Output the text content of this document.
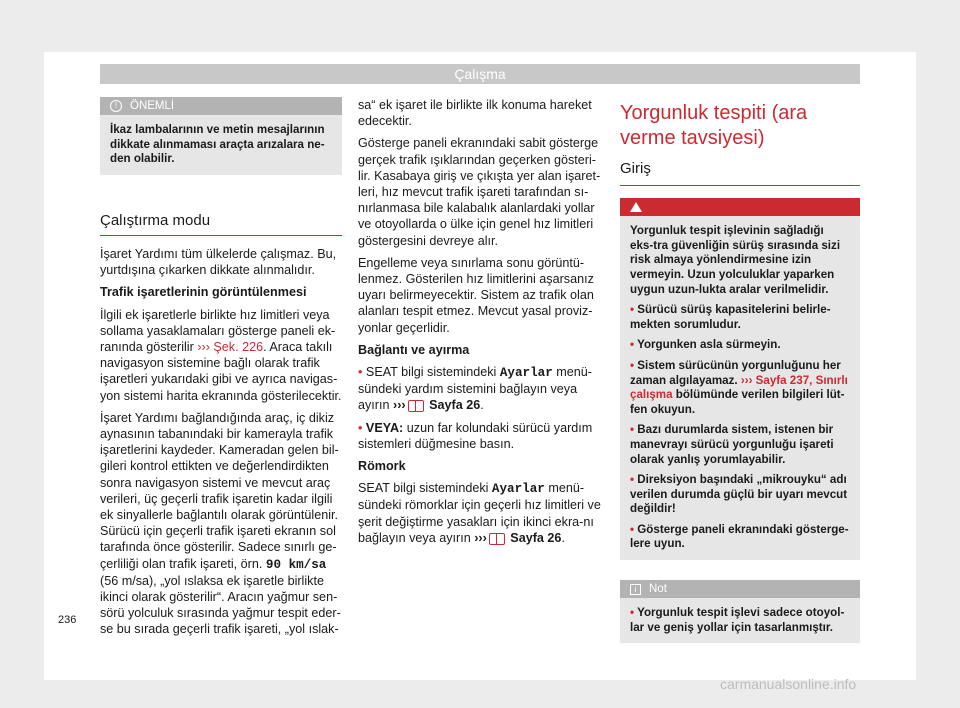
Çalışma
! ÖNEMLİ
İkaz lambalarının ve metin mesajlarının dikkate alınmaması araçta arızalara ne-den olabilir.
Çalıştırma modu

İşaret Yardımı tüm ülkelerde çalışmaz. Bu, yurtdışına çıkarken dikkate alınmalıdır.

Trafik işaretlerinin görüntülenmesi

İlgili ek işaretlerle birlikte hız limitleri veya sollama yasaklamaları gösterge paneli ek-ranında gösterilir ››› Şek. 226. Araca takılı navigasyon sistemine bağlı olarak trafik işaretleri yukarıdaki gibi ve ayrıca navigas-yon sistemi harita ekranında gösterilecektir.

İşaret Yardımı bağlandığında araç, iç dikiz aynasının tabanındaki bir kamerayla trafik işaretlerini kaydeder. Kameradan gelen bil-gileri kontrol ettikten ve değerlendirdikten sonra navigasyon sistemi ve mevcut araç verileri, üç geçerli trafik işaretin kadar ilgili ek sinyallerle bağlantılı olarak görüntülenir. Sürücü için geçerli trafik işareti ekranın sol tarafında önce gösterilir. Sadece sınırlı ge-çerliliği olan trafik işareti, örn. 90 km/sa (56 m/sa), „yol ıslaksa ek işaretle birlikte ikinci olarak gösterilir“. Aracın yağmur sen-sörü yolculuk sırasında yağmur tespit eder-se bu sırada geçerli trafik işareti, „yol ıslak-

sa“ ek işaret ile birlikte ilk konuma hareket edecektir.

Gösterge paneli ekranındaki sabit gösterge gerçek trafik ışıklarından geçerken gösteri-lir. Kasabaya giriş ve çıkışta yer alan işaret-leri, hız mevcut trafik işareti tarafından sı-nırlanmasa bile kalabalık alanlardaki yollar ve otoyollarda o ülke için genel hız limitleri göstergesini devreye alır.

Engelleme veya sınırlama sonu görüntü-lenmez. Gösterilen hız limitlerini aşarsanız uyarı belirmeyecektir. Sistem az trafik olan alanları tespit etmez. Mevcut yasal proviz-yonlar geçerlidir.

Bağlantı ve ayırma

• SEAT bilgi sistemindeki Ayarlar menü-sündeki yardım sistemini bağlayın veya ayırın ››› Sayfa 26.

• VEYA: uzun far kolundaki sürücü yardım sistemleri düğmesine basın.

Römork

SEAT bilgi sistemindeki Ayarlar menü-sündeki römorklar için geçerli hız limitleri ve şerit değiştirme yasakları için ikinci ekra-nı bağlayın veya ayırın ››› Sayfa 26.

Yorgunluk tespiti (ara verme tavsiyesi)
Giriş
DİKKAT

Yorgunluk tespit işlevinin sağladığı eks-tra güvenliğin sürüş sırasında sizi risk almaya yönlendirmesine izin vermeyin. Uzun yolculuklar yaparken uygun uzun-lukta aralar verilmelidir.

• Sürücü sürüş kapasitelerini belirle-mekten sorumludur.

• Yorgunken asla sürmeyin.

• Sistem sürücünün yorgunluğunu her zaman algılayamaz. ››› Sayfa 237, Sınırlı çalışma bölümünde verilen bilgileri lüt-fen okuyun.

• Bazı durumlarda sistem, istenen bir manevrayı sürücü yorgunluğu işareti olarak yanlış yorumlayabilir.

• Direksiyon başındaki „mikrouyku“ adı verilen durumda güçlü bir uyarı mevcut değildir!

• Gösterge paneli ekranındaki gösterge-lere uyun.

i Not

• Yorgunluk tespit işlevi sadece otoyol-lar ve geniş yollar için tasarlanmıştır.

236
carmanualsonline.info
